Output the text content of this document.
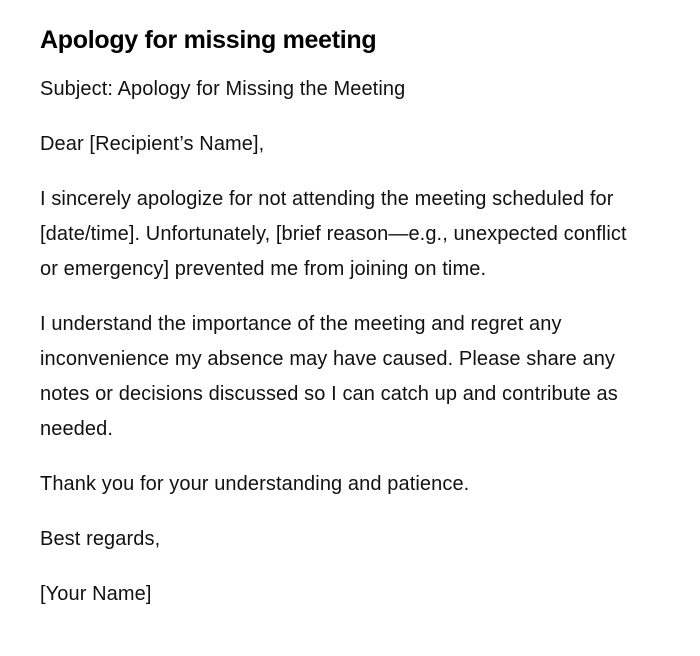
Apology for missing meeting

Subject: Apology for Missing the Meeting

Dear [Recipient’s Name],

I sincerely apologize for not attending the meeting scheduled for [date/time]. Unfortunately, [brief reason—e.g., unexpected conflict or emergency] prevented me from joining on time.

I understand the importance of the meeting and regret any inconvenience my absence may have caused. Please share any notes or decisions discussed so I can catch up and contribute as needed.

Thank you for your understanding and patience.

Best regards,

[Your Name]
